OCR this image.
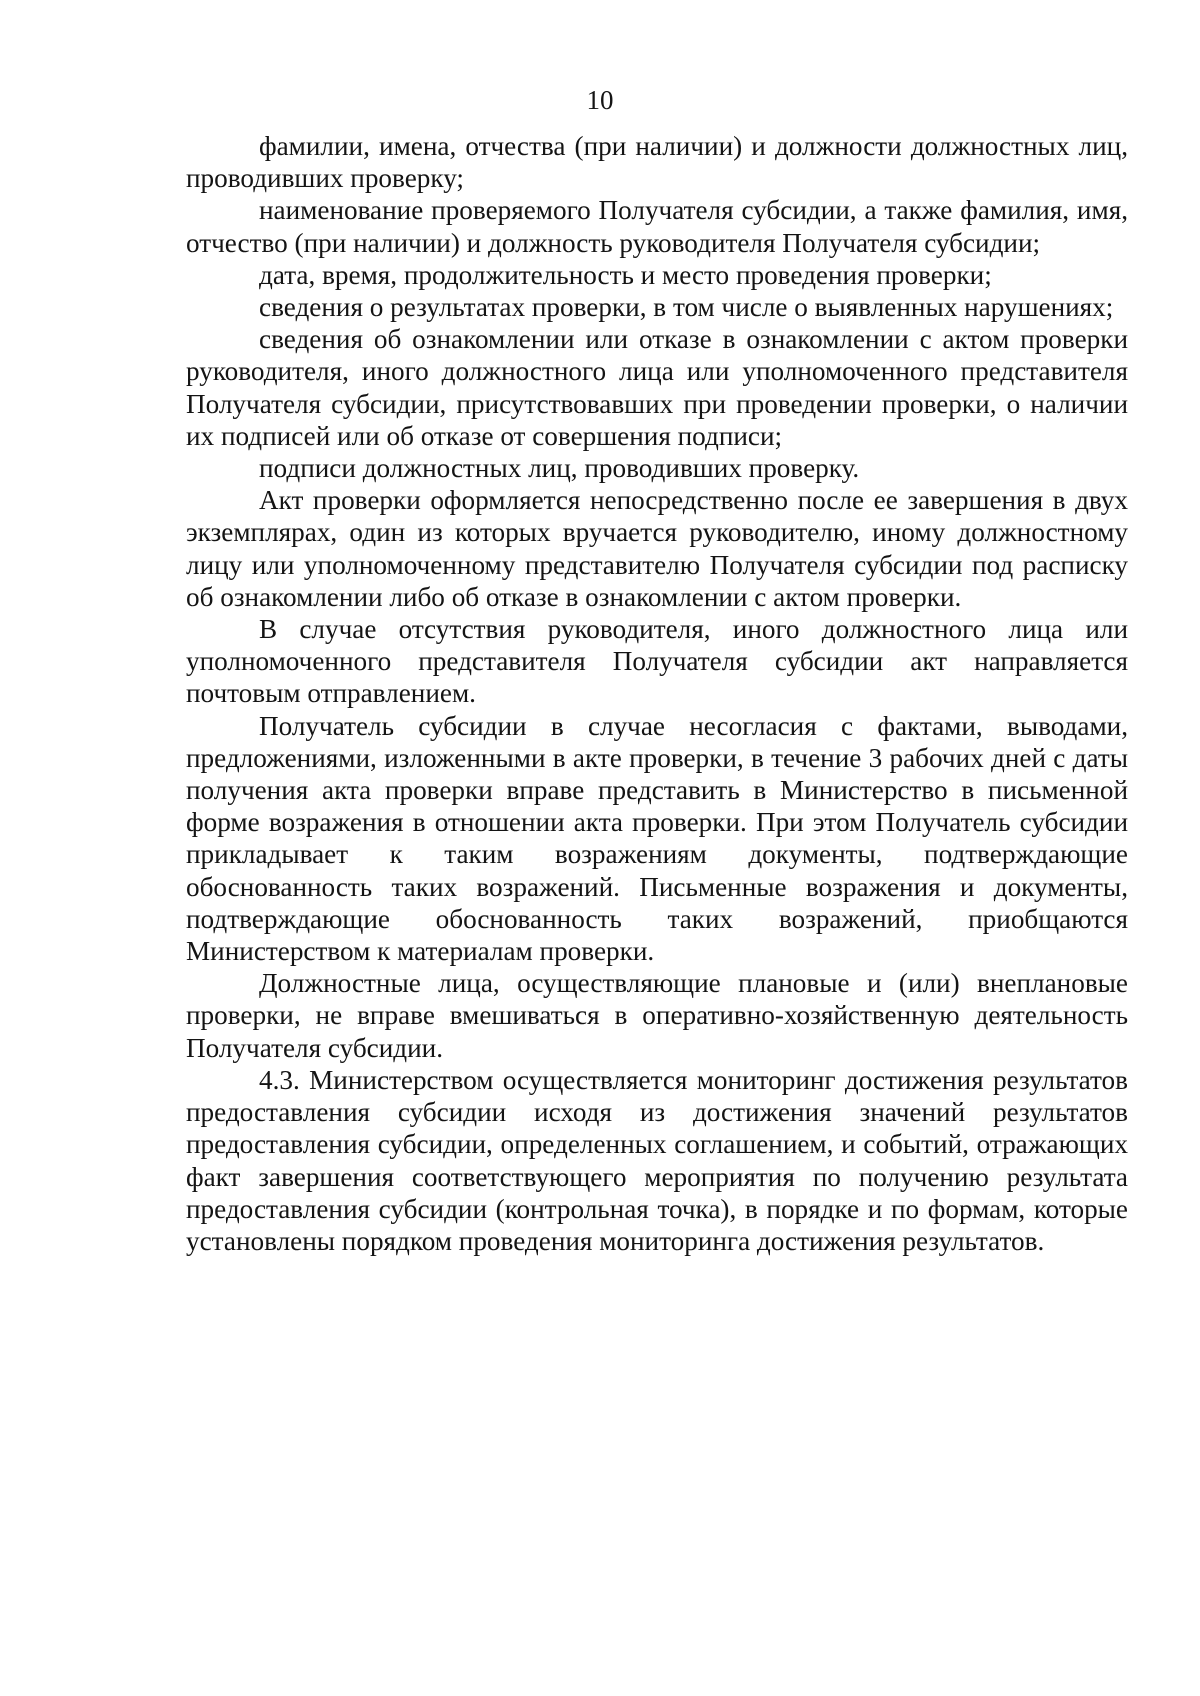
10

фамилии, имена, отчества (при наличии) и должности должностных лиц, проводивших проверку;

наименование проверяемого Получателя субсидии, а также фамилия, имя, отчество (при наличии) и должность руководителя Получателя субсидии;

дата, время, продолжительность и место проведения проверки;

сведения о результатах проверки, в том числе о выявленных нарушениях;

сведения об ознакомлении или отказе в ознакомлении с актом проверки руководителя, иного должностного лица или уполномоченного представителя Получателя субсидии, присутствовавших при проведении проверки, о наличии их подписей или об отказе от совершения подписи;

подписи должностных лиц, проводивших проверку.

Акт проверки оформляется непосредственно после ее завершения в двух экземплярах, один из которых вручается руководителю, иному должностному лицу или уполномоченному представителю Получателя субсидии под расписку об ознакомлении либо об отказе в ознакомлении с актом проверки.

В случае отсутствия руководителя, иного должностного лица или уполномоченного представителя Получателя субсидии акт направляется почтовым отправлением.

Получатель субсидии в случае несогласия с фактами, выводами, предложениями, изложенными в акте проверки, в течение 3 рабочих дней с даты получения акта проверки вправе представить в Министерство в письменной форме возражения в отношении акта проверки. При этом Получатель субсидии прикладывает к таким возражениям документы, подтверждающие обоснованность таких возражений. Письменные возражения и документы, подтверждающие обоснованность таких возражений, приобщаются Министерством к материалам проверки.

Должностные лица, осуществляющие плановые и (или) внеплановые проверки, не вправе вмешиваться в оперативно-хозяйственную деятельность Получателя субсидии.

4.3. Министерством осуществляется мониторинг достижения результатов предоставления субсидии исходя из достижения значений результатов предоставления субсидии, определенных соглашением, и событий, отражающих факт завершения соответствующего мероприятия по получению результата предоставления субсидии (контрольная точка), в порядке и по формам, которые установлены порядком проведения мониторинга достижения результатов.
